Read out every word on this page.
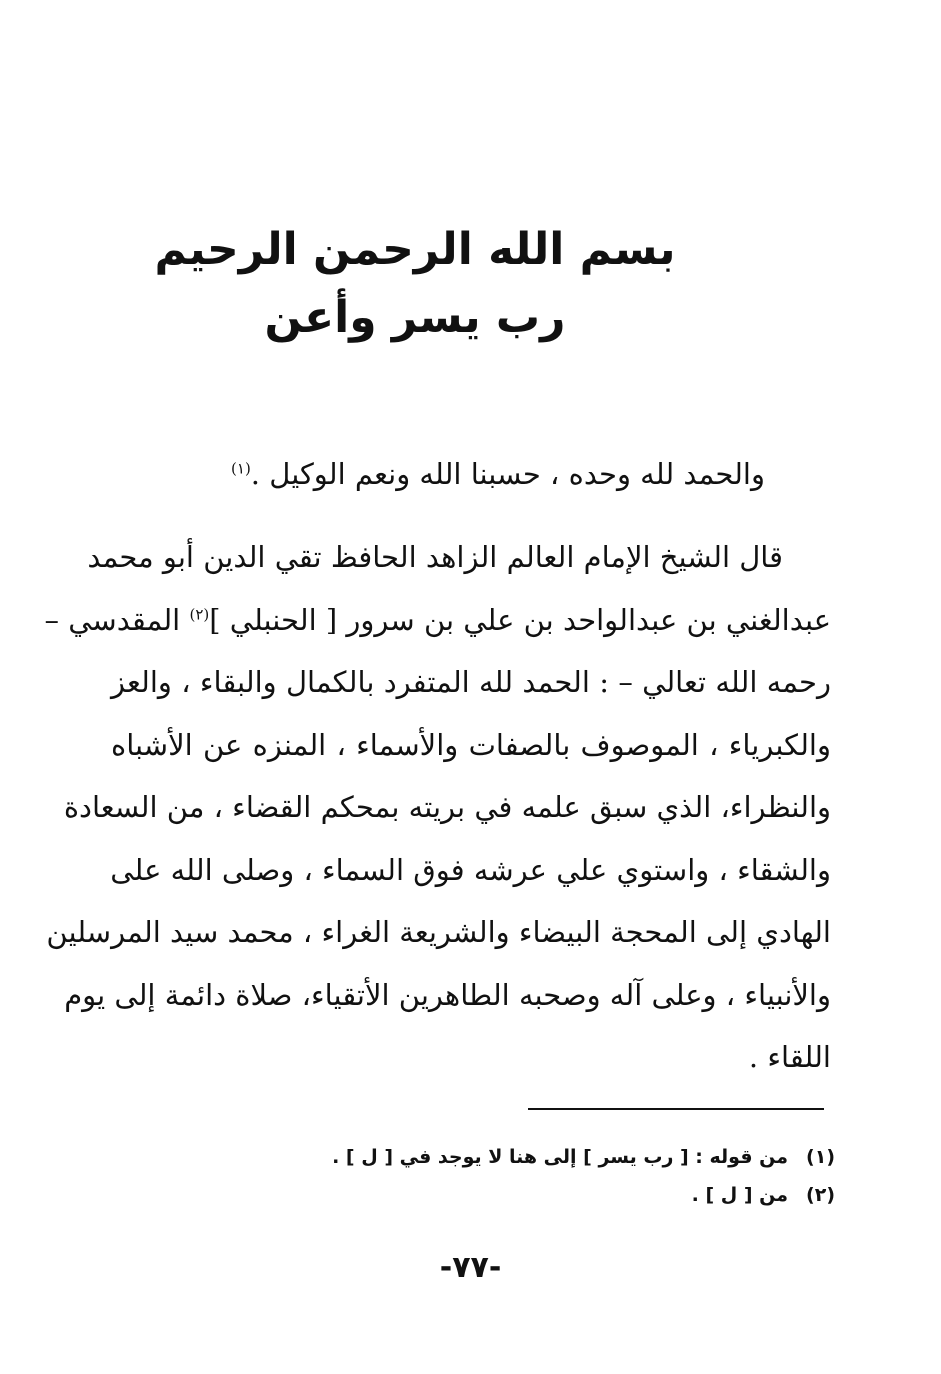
بسم الله الرحمن الرحيم
رب يسر وأعن
والحمد لله وحده ، حسبنا الله ونعم الوكيل .$^{(١)}$
قال الشيخ الإمام العالم الزاهد الحافظ تقي الدين أبو محمد
عبدالغني بن عبدالواحد بن علي بن سرور [ الحنبلي ]$^{(٢)}$ المقدسي –
رحمه الله تعالي – : الحمد لله المتفرد بالكمال والبقاء ، والعز
والكبرياء ، الموصوف بالصفات والأسماء ، المنزه عن الأشباه
والنظراء، الذي سبق علمه في بريته بمحكم القضاء ، من السعادة
والشقاء ، واستوي علي عرشه فوق السماء ، وصلى الله على
الهادي إلى المحجة البيضاء والشريعة الغراء ، محمد سيد المرسلين
والأنبياء ، وعلى آله وصحبه الطاهرين الأتقياء، صلاة دائمة إلى يوم
اللقاء .
(١)من قوله : [ رب يسر ] إلى هنا لا يوجد في [ ل ] .
(٢)من [ ل ] .
-٧٧-
